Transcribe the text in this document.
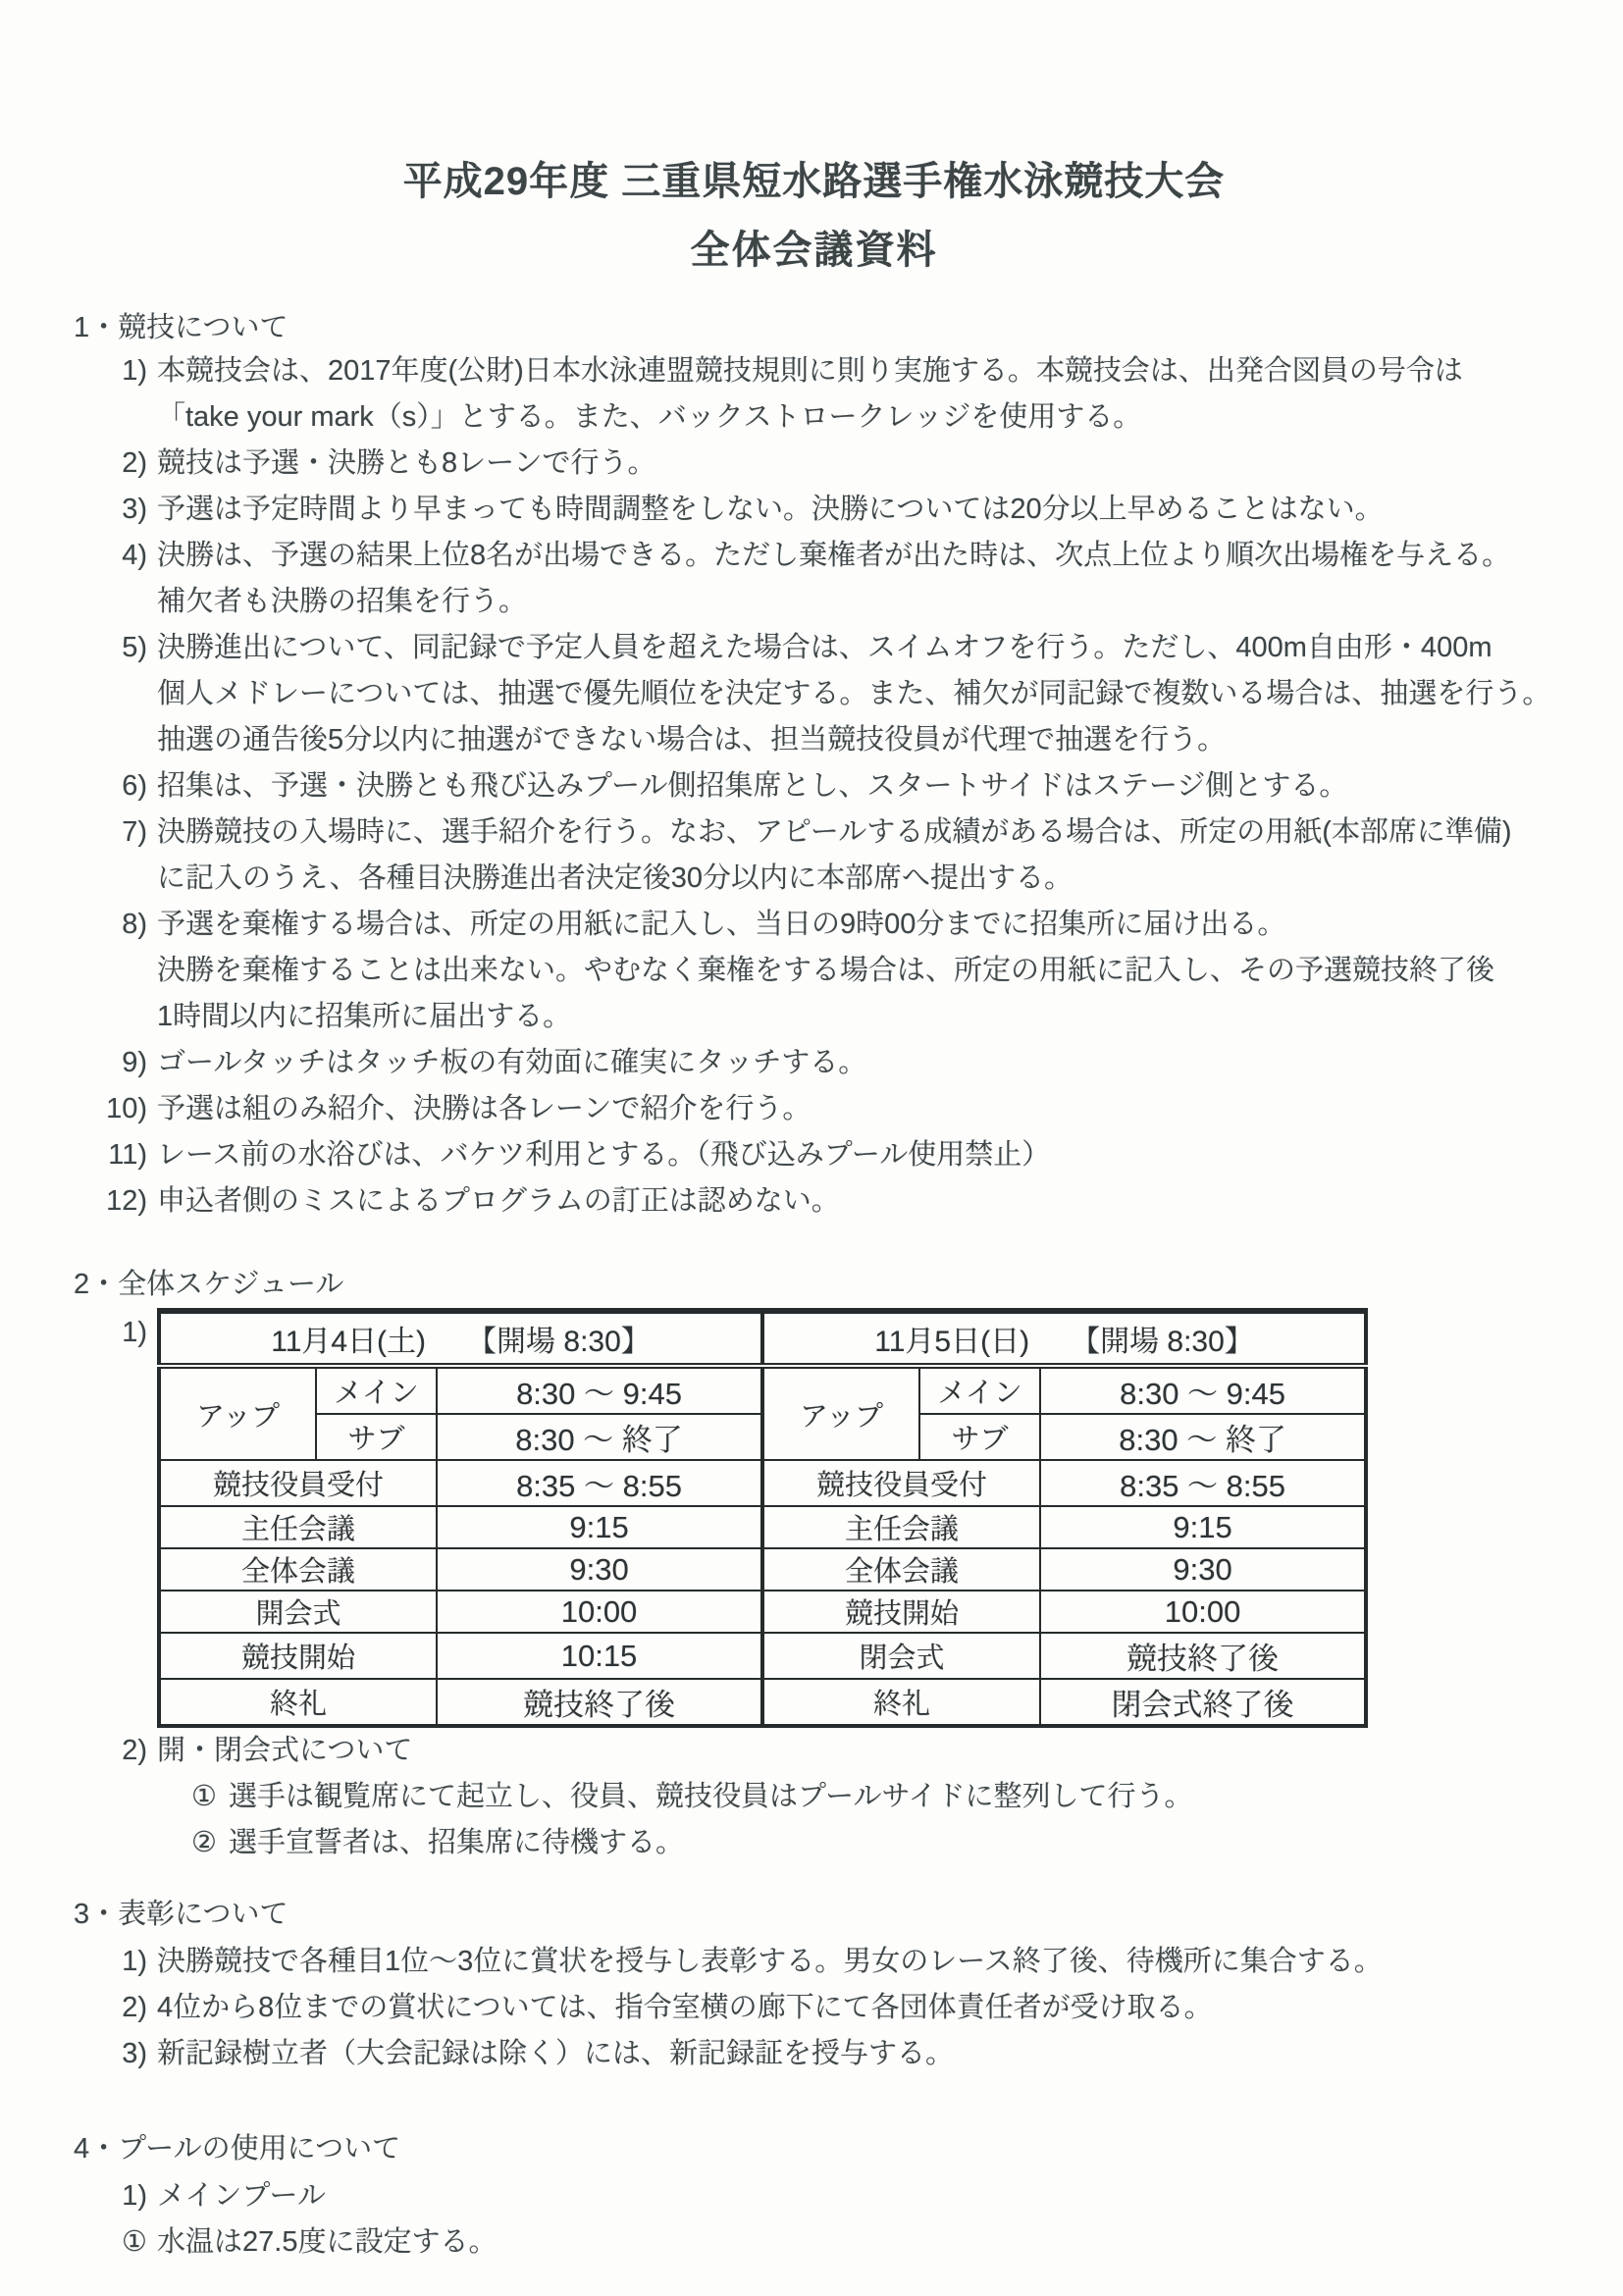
平成29年度 三重県短水路選手権水泳競技大会
全体会議資料
1・競技について
1) 本競技会は、2017年度(公財)日本水泳連盟競技規則に則り実施する。本競技会は、出発合図員の号令は
「take your mark（s）」とする。また、バックストロークレッジを使用する。
2) 競技は予選・決勝とも8レーンで行う。
3) 予選は予定時間より早まっても時間調整をしない。決勝については20分以上早めることはない。
4) 決勝は、予選の結果上位8名が出場できる。ただし棄権者が出た時は、次点上位より順次出場権を与える。
補欠者も決勝の招集を行う。
5) 決勝進出について、同記録で予定人員を超えた場合は、スイムオフを行う。ただし、400m自由形・400m
個人メドレーについては、抽選で優先順位を決定する。また、補欠が同記録で複数いる場合は、抽選を行う。
抽選の通告後5分以内に抽選ができない場合は、担当競技役員が代理で抽選を行う。
6) 招集は、予選・決勝とも飛び込みプール側招集席とし、スタートサイドはステージ側とする。
7) 決勝競技の入場時に、選手紹介を行う。なお、アピールする成績がある場合は、所定の用紙(本部席に準備)
に記入のうえ、各種目決勝進出者決定後30分以内に本部席へ提出する。
8) 予選を棄権する場合は、所定の用紙に記入し、当日の9時00分までに招集所に届け出る。
決勝を棄権することは出来ない。やむなく棄権をする場合は、所定の用紙に記入し、その予選競技終了後
1時間以内に招集所に届出する。
9) ゴールタッチはタッチ板の有効面に確実にタッチする。
10) 予選は組のみ紹介、決勝は各レーンで紹介を行う。
11) レース前の水浴びは、バケツ利用とする。（飛び込みプール使用禁止）
12) 申込者側のミスによるプログラムの訂正は認めない。
2・全体スケジュール
1)	11月4日(土) 【開場 8:30】			11月5日(日) 【開場 8:30】		
アップ	メイン	8:30 ～ 9:45	アップ	メイン	8:30 ～ 9:45
	サブ	8:30 ～ 終了		サブ	8:30 ～ 終了
競技役員受付		8:35 ～ 8:55	競技役員受付		8:35 ～ 8:55
主任会議		9:15	主任会議		9:15
全体会議		9:30	全体会議		9:30
開会式		10:00	競技開始		10:00
競技開始		10:15	閉会式		競技終了後
終礼		競技終了後	終礼		閉会式終了後
2) 開・閉会式について
① 選手は観覧席にて起立し、役員、競技役員はプールサイドに整列して行う。
② 選手宣誓者は、招集席に待機する。
3・表彰について
1) 決勝競技で各種目1位～3位に賞状を授与し表彰する。男女のレース終了後、待機所に集合する。
2) 4位から8位までの賞状については、指令室横の廊下にて各団体責任者が受け取る。
3) 新記録樹立者（大会記録は除く）には、新記録証を授与する。
4・プールの使用について
1) メインプール
① 水温は27.5度に設定する。
